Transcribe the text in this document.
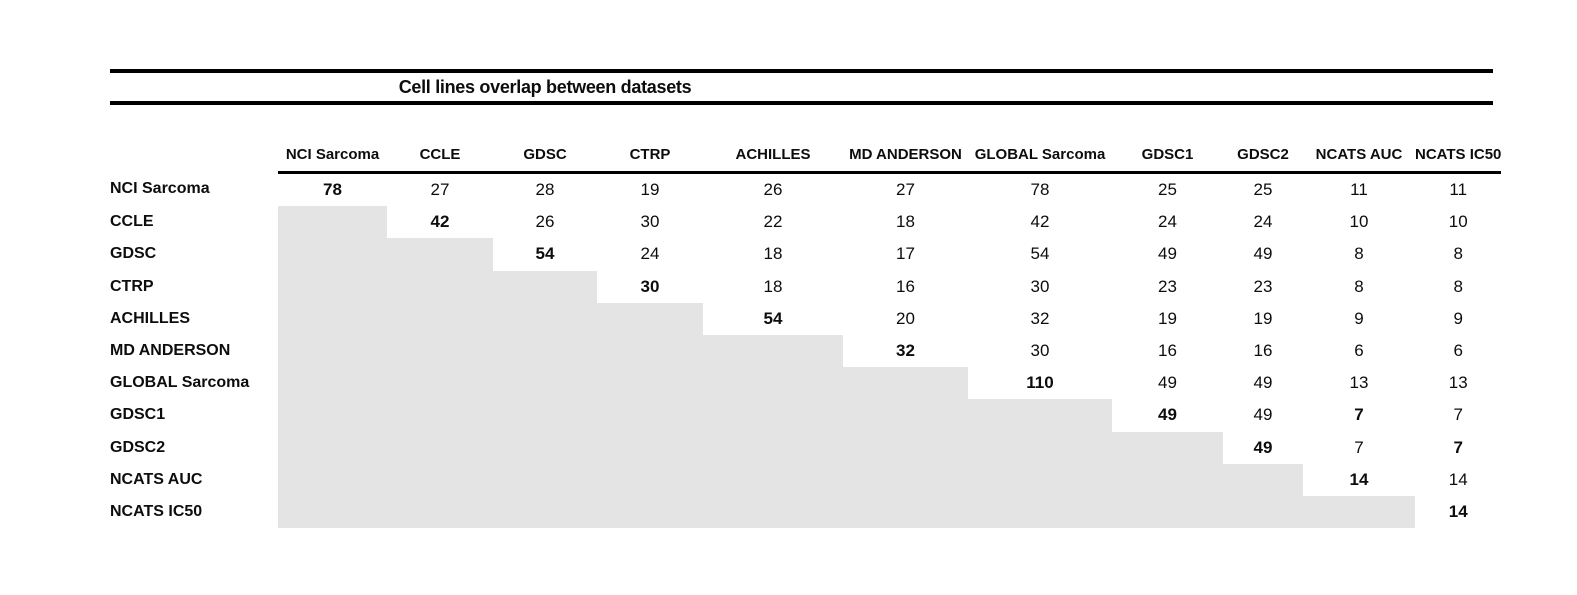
Cell lines overlap between datasets
	NCI Sarcoma	CCLE	GDSC	CTRP	ACHILLES	MD ANDERSON	GLOBAL Sarcoma	GDSC1	GDSC2	NCATS AUC	NCATS IC50
NCI Sarcoma	78	27	28	19	26	27	78	25	25	11	11
CCLE		42	26	30	22	18	42	24	24	10	10
GDSC			54	24	18	17	54	49	49	8	8
CTRP				30	18	16	30	23	23	8	8
ACHILLES					54	20	32	19	19	9	9
MD ANDERSON						32	30	16	16	6	6
GLOBAL Sarcoma							110	49	49	13	13
GDSC1								49	49	7	7
GDSC2									49	7	7
NCATS AUC										14	14
NCATS IC50											14
